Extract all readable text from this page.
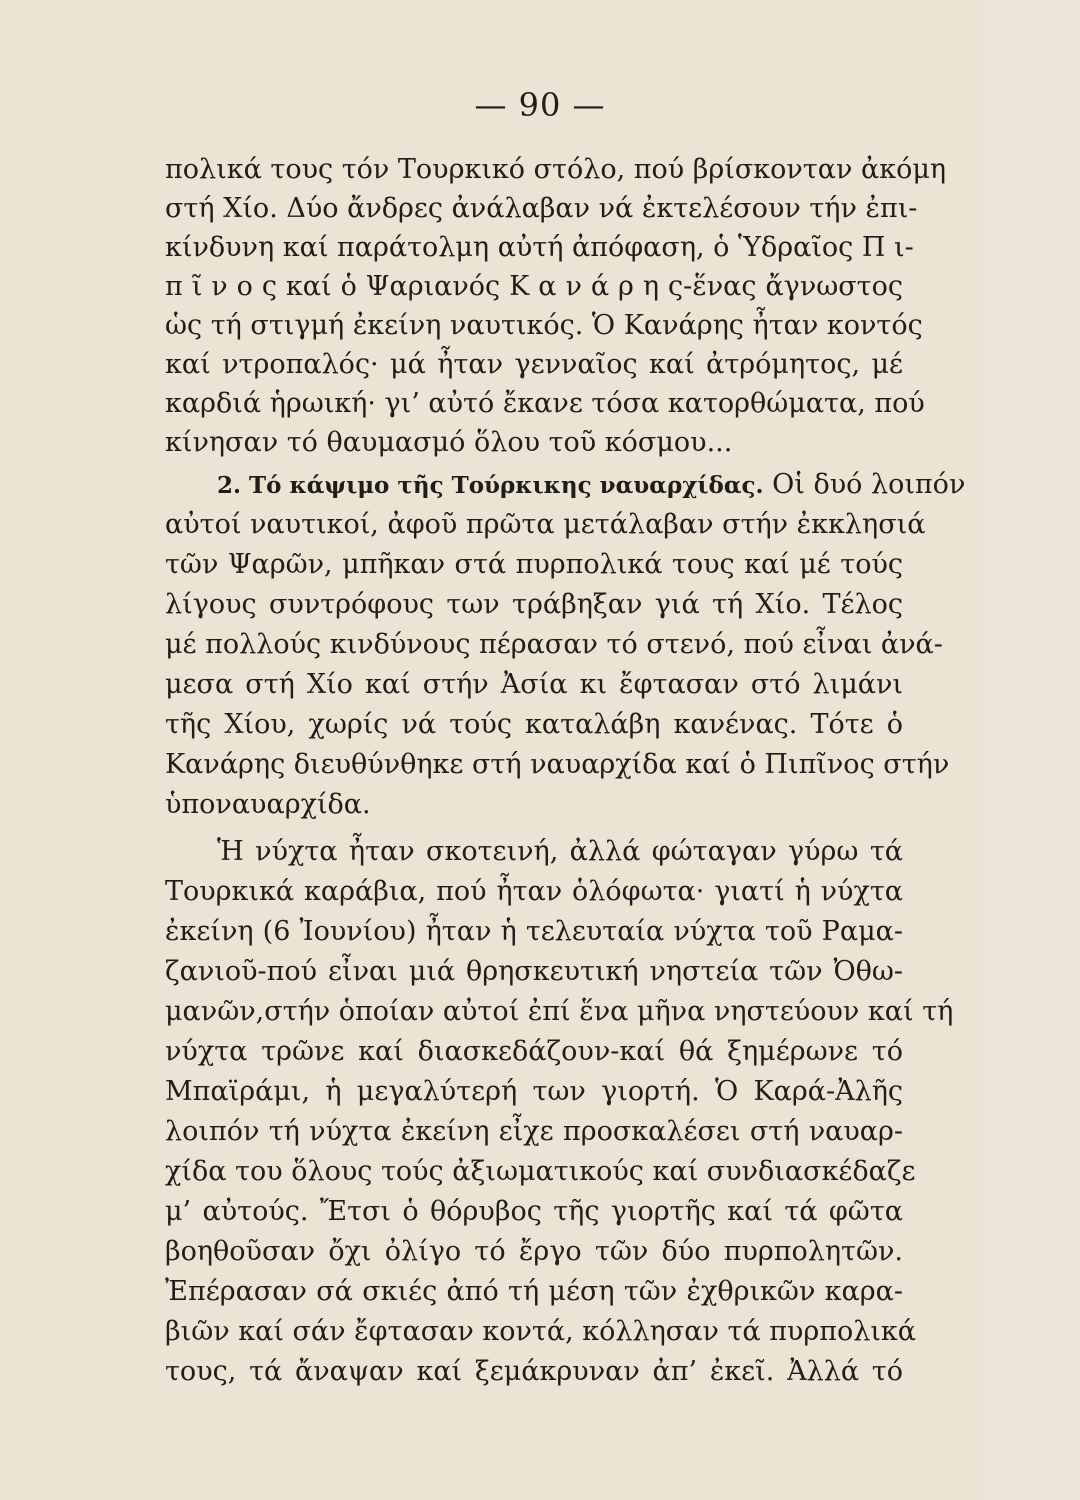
— 90 —
πολικά τους τόν Τουρκικό στόλο, πού βρίσκονταν ἀκόμη
στή Χίο. Δύο ἄνδρες ἀνάλαβαν νά ἐκτελέσουν τήν ἐπι-
κίνδυνη καί παράτολμη αὐτή ἀπόφαση, ὁ Ὑδραῖος Π ι-
π ῖ ν ο ς καί ὁ Ψαριανός Κ α ν ά ρ η ς-ἕνας ἄγνωστος
ὡς τή στιγμή ἐκείνη ναυτικός. Ὁ Κανάρης ἦταν κοντός
καί ντροπαλός· μά ἦταν γενναῖος καί ἀτρόμητος, μέ
καρδιά ἡρωική· γι’ αὐτό ἔκανε τόσα κατορθώματα, πού
κίνησαν τό θαυμασμό ὅλου τοῦ κόσμου...
2. Τό κάψιμο τῆς Τούρκικης ναυαρχίδας. Οἱ δυό λοιπόν
αὐτοί ναυτικοί, ἀφοῦ πρῶτα μετάλαβαν στήν ἐκκλησιά
τῶν Ψαρῶν, μπῆκαν στά πυρπολικά τους καί μέ τούς
λίγους συντρόφους των τράβηξαν γιά τή Χίο. Τέλος
μέ πολλούς κινδύνους πέρασαν τό στενό, πού εἶναι ἀνά-
μεσα στή Χίο καί στήν Ἀσία κι ἔφτασαν στό λιμάνι
τῆς Χίου, χωρίς νά τούς καταλάβη κανένας. Τότε ὁ
Κανάρης διευθύνθηκε στή ναυαρχίδα καί ὁ Πιπῖνος στήν
ὑποναυαρχίδα.
Ἡ νύχτα ἦταν σκοτεινή, ἀλλά φώταγαν γύρω τά
Τουρκικά καράβια, πού ἦταν ὁλόφωτα· γιατί ἡ νύχτα
ἐκείνη (6 Ἰουνίου) ἦταν ἡ τελευταία νύχτα τοῦ Ραμα-
ζανιοῦ-πού εἶναι μιά θρησκευτική νηστεία τῶν Ὀθω-
μανῶν,στήν ὁποίαν αὐτοί ἐπί ἕνα μῆνα νηστεύουν καί τή
νύχτα τρῶνε καί διασκεδάζουν-καί θά ξημέρωνε τό
Μπαϊράμι, ἡ μεγαλύτερή των γιορτή. Ὁ Καρά-Ἀλῆς
λοιπόν τή νύχτα ἐκείνη εἶχε προσκαλέσει στή ναυαρ-
χίδα του ὅλους τούς ἀξιωματικούς καί συνδιασκέδαζε
μ’ αὐτούς. Ἔτσι ὁ θόρυβος τῆς γιορτῆς καί τά φῶτα
βοηθοῦσαν ὄχι ὀλίγο τό ἔργο τῶν δύο πυρπολητῶν.
Ἐπέρασαν σά σκιές ἀπό τή μέση τῶν ἐχθρικῶν καρα-
βιῶν καί σάν ἔφτασαν κοντά, κόλλησαν τά πυρπολικά
τους, τά ἄναψαν καί ξεμάκρυναν ἀπ’ ἐκεῖ. Ἀλλά τό
